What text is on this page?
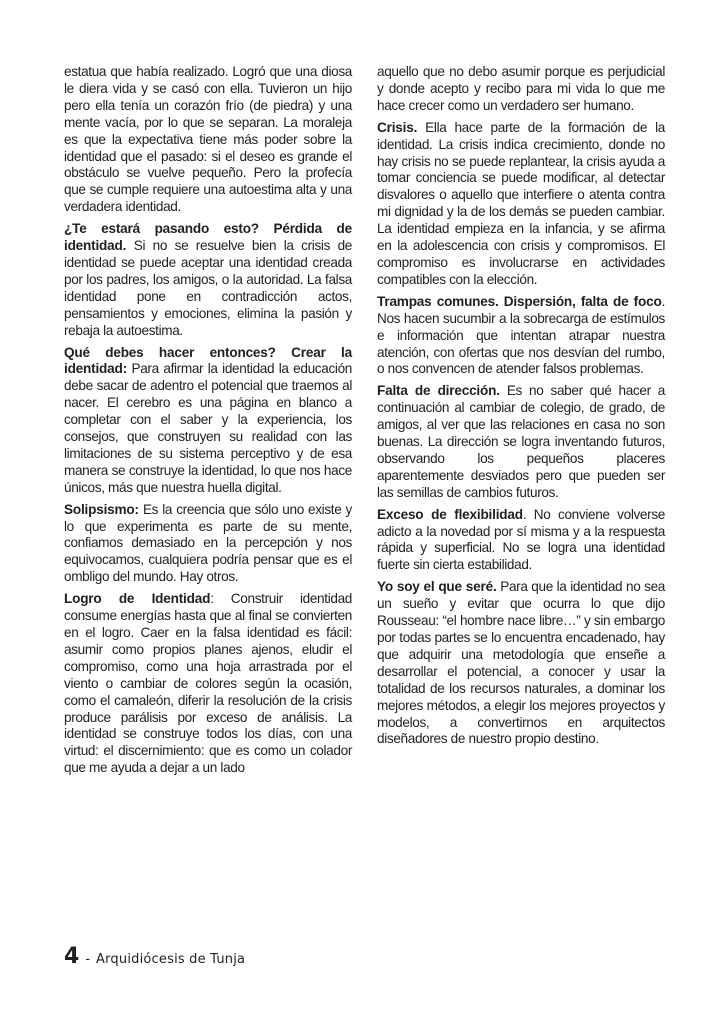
estatua que había realizado. Logró que una diosa le diera vida y se casó con ella. Tuvieron un hijo pero ella tenía un corazón frío (de piedra) y una mente vacía, por lo que se separan. La moraleja es que la expectativa tiene más poder sobre la identidad que el pasado: si el deseo es grande el obstáculo se vuelve pequeño. Pero la profecía que se cumple requiere una autoestima alta y una verdadera identidad.

¿Te estará pasando esto? Pérdida de identidad. Si no se resuelve bien la crisis de identidad se puede aceptar una identidad creada por los padres, los amigos, o la autoridad. La falsa identidad pone en contradicción actos, pensamientos y emociones, elimina la pasión y rebaja la autoestima.

Qué debes hacer entonces? Crear la identidad: Para afirmar la identidad la educación debe sacar de adentro el potencial que traemos al nacer. El cerebro es una página en blanco a completar con el saber y la experiencia, los consejos, que construyen su realidad con las limitaciones de su sistema perceptivo y de esa manera se construye la identidad, lo que nos hace únicos, más que nuestra huella digital.

Solipsismo: Es la creencia que sólo uno existe y lo que experimenta es parte de su mente, confiamos demasiado en la percepción y nos equivocamos, cualquiera podría pensar que es el ombligo del mundo. Hay otros.

Logro de Identidad: Construir identidad consume energías hasta que al final se convierten en el logro. Caer en la falsa identidad es fácil: asumir como propios planes ajenos, eludir el compromiso, como una hoja arrastrada por el viento o cambiar de colores según la ocasión, como el camaleón, diferir la resolución de la crisis produce parálisis por exceso de análisis. La identidad se construye todos los días, con una virtud: el discernimiento: que es como un colador que me ayuda a dejar a un lado

aquello que no debo asumir porque es perjudicial y donde acepto y recibo para mi vida lo que me hace crecer como un verdadero ser humano.

Crisis. Ella hace parte de la formación de la identidad. La crisis indica crecimiento, donde no hay crisis no se puede replantear, la crisis ayuda a tomar conciencia se puede modificar, al detectar disvalores o aquello que interfiere o atenta contra mi dignidad y la de los demás se pueden cambiar. La identidad empieza en la infancia, y se afirma en la adolescencia con crisis y compromisos. El compromiso es involucrarse en actividades compatibles con la elección.

Trampas comunes. Dispersión, falta de foco. Nos hacen sucumbir a la sobrecarga de estímulos e información que intentan atrapar nuestra atención, con ofertas que nos desvían del rumbo, o nos convencen de atender falsos problemas.

Falta de dirección. Es no saber qué hacer a continuación al cambiar de colegio, de grado, de amigos, al ver que las relaciones en casa no son buenas. La dirección se logra inventando futuros, observando los pequeños placeres aparentemente desviados pero que pueden ser las semillas de cambios futuros.

Exceso de flexibilidad. No conviene volverse adicto a la novedad por sí misma y a la respuesta rápida y superficial. No se logra una identidad fuerte sin cierta estabilidad.

Yo soy el que seré. Para que la identidad no sea un sueño y evitar que ocurra lo que dijo Rousseau: “el hombre nace libre…” y sin embargo por todas partes se lo encuentra encadenado, hay que adquirir una metodología que enseñe a desarrollar el potencial, a conocer y usar la totalidad de los recursos naturales, a dominar los mejores métodos, a elegir los mejores proyectos y modelos, a convertirnos en arquitectos diseñadores de nuestro propio destino.

4 - Arquidiócesis de Tunja
